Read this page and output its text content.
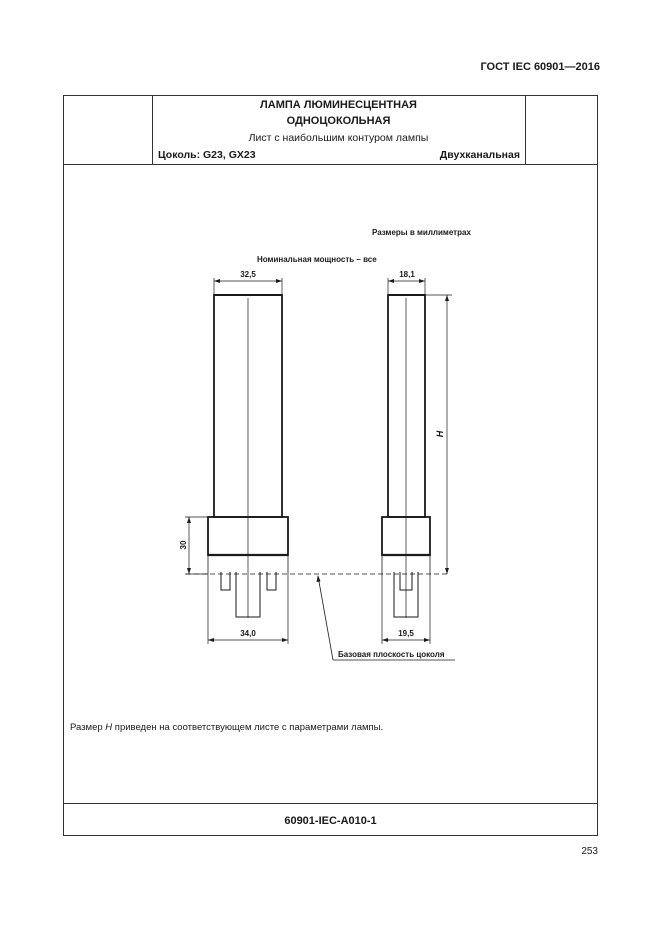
ГОСТ IEC 60901—2016
ЛАМПА ЛЮМИНЕСЦЕНТНАЯ
ОДНОЦОКОЛЬНАЯ
Лист с наибольшим контуром лампы
Цоколь: G23, GX23	Двухканальная
Размеры в миллиметрах
Номинальная мощность – все
32,5
30
34,0
Базовая плоскость цоколя
18,1
H
19,5
Размер H приведен на соответствующем листе с параметрами лампы.
60901-IEC-A010-1
253
